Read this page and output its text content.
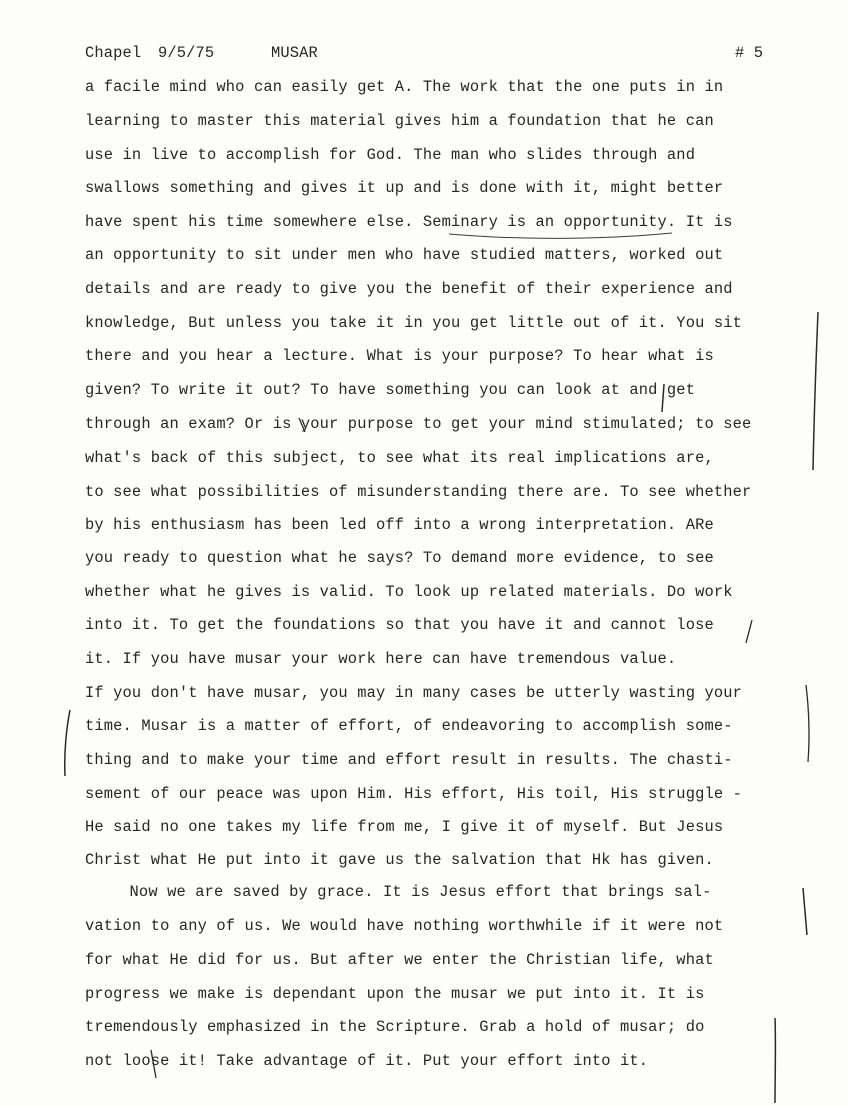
Chapel 9/5/75	MUSAR	# 5
a facile mind who can easily get A. The work that the one puts in in
learning to master this material gives him a foundation that he can
use in live to accomplish for God. The man who slides through and
swallows something and gives it up and is done with it, might better
have spent his time somewhere else. Seminary is an opportunity. It is
an opportunity to sit under men who have studied matters, worked out
details and are ready to give you the benefit of their experience and
knowledge, But unless you take it in you get little out of it. You sit
there and you hear a lecture. What is your purpose? To hear what is
given? To write it out? To have something you can look at and get
through an exam? Or is your purpose to get your mind stimulated; to see
what's back of this subject, to see what its real implications are,
to see what possibilities of misunderstanding there are. To see whether
by his enthusiasm has been led off into a wrong interpretation. ARe
you ready to question what he says? To demand more evidence, to see
whether what he gives is valid. To look up related materials. Do work
into it. To get the foundations so that you have it and cannot lose
it. If you have musar your work here can have tremendous value.
If you don't have musar, you may in many cases be utterly wasting your
time. Musar is a matter of effort, of endeavoring to accomplish some-
thing and to make your time and effort result in results. The chasti-
sement of our peace was upon Him. His effort, His toil, His struggle -
He said no one takes my life from me, I give it of myself. But Jesus
Christ what He put into it gave us the salvation that Hk has given.
Now we are saved by grace. It is Jesus effort that brings sal-
vation to any of us. We would have nothing worthwhile if it were not
for what He did for us. But after we enter the Christian life, what
progress we make is dependant upon the musar we put into it. It is
tremendously emphasized in the Scripture. Grab a hold of musar; do
not loose it! Take advantage of it. Put your effort into it.
